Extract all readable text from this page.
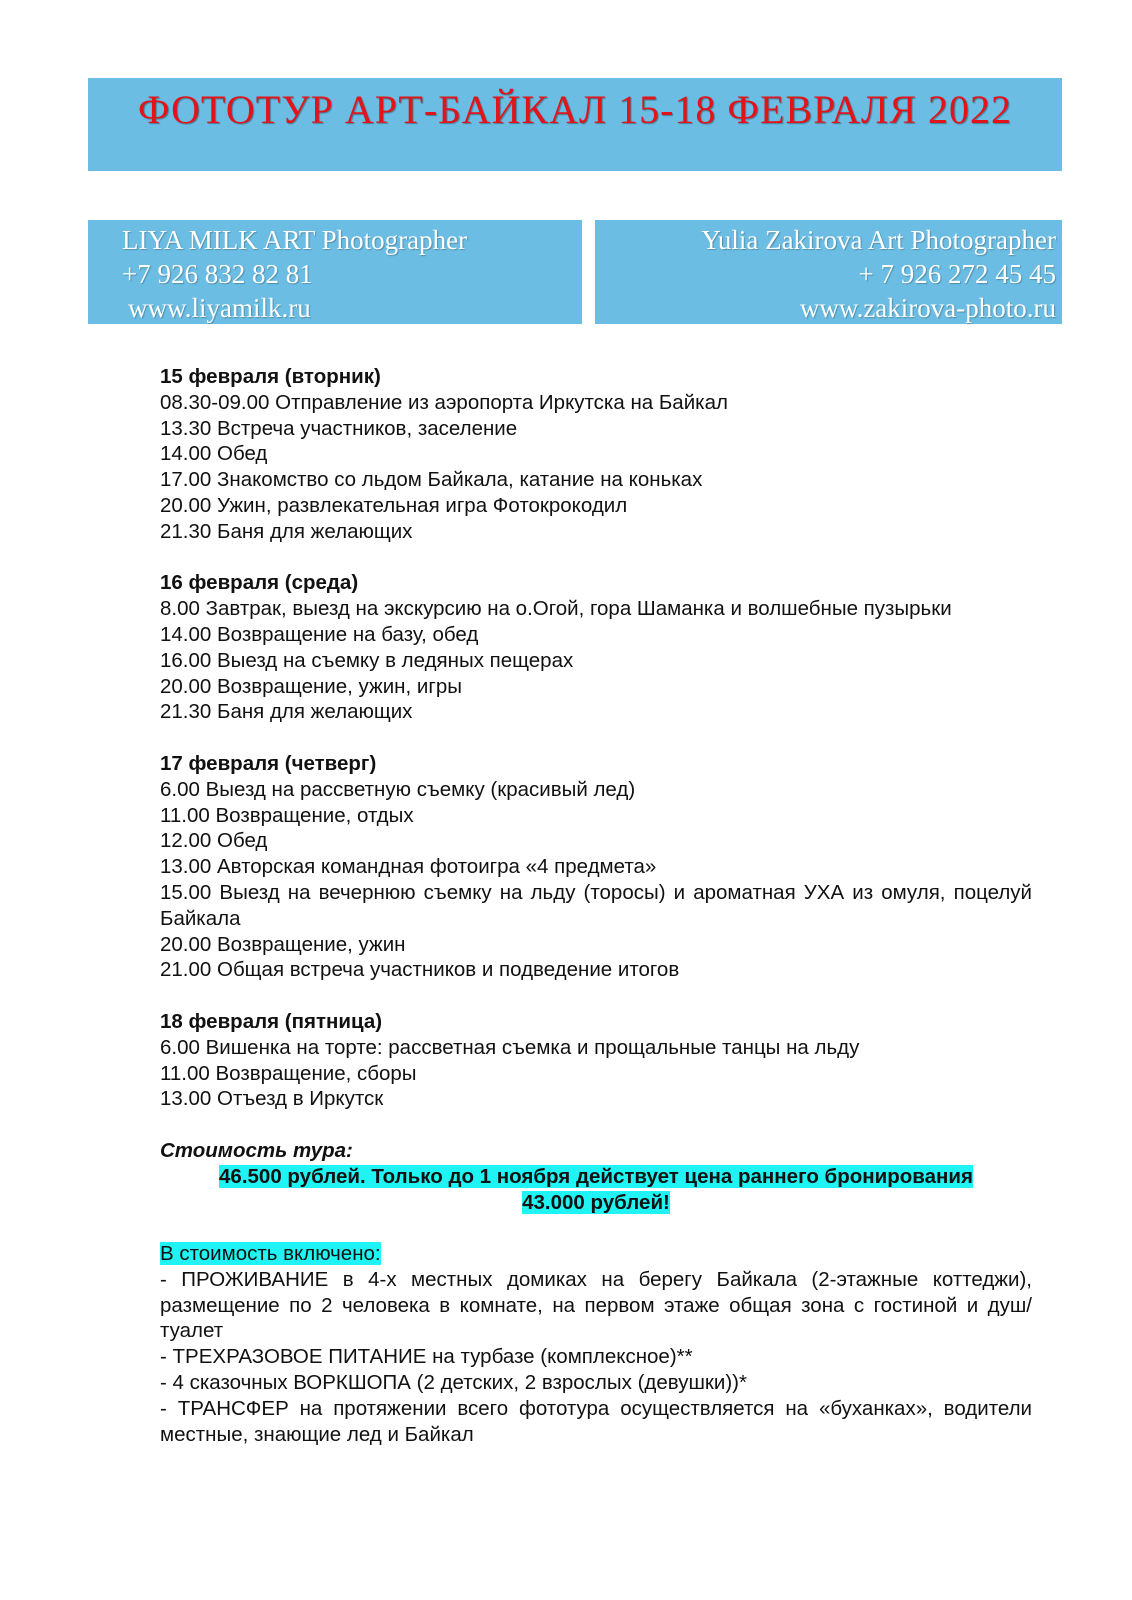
ФОТОТУР АРТ-БАЙКАЛ 15-18 ФЕВРАЛЯ 2022
LIYA MILK ART Photographer
+7 926 832 82 81
www.liyamilk.ru
Yulia Zakirova Art Photographer
+ 7 926 272 45 45
www.zakirova-photo.ru
15 февраля (вторник)
08.30-09.00 Отправление из аэропорта Иркутска на Байкал
13.30 Встреча участников, заселение
14.00 Обед
17.00 Знакомство со льдом Байкала, катание на коньках
20.00 Ужин, развлекательная игра Фотокрокодил
21.30 Баня для желающих
16 февраля (среда)
8.00 Завтрак, выезд на экскурсию на о.Огой, гора Шаманка и волшебные пузырьки
14.00 Возвращение на базу, обед
16.00 Выезд на съемку в ледяных пещерах
20.00 Возвращение, ужин, игры
21.30 Баня для желающих
17 февраля (четверг)
6.00 Выезд на рассветную съемку (красивый лед)
11.00 Возвращение, отдых
12.00 Обед
13.00 Авторская командная фотоигра «4 предмета»
15.00 Выезд на вечернюю съемку на льду (торосы) и ароматная УХА из омуля, поцелуй Байкала
20.00 Возвращение, ужин
21.00 Общая встреча участников и подведение итогов
18 февраля (пятница)
6.00 Вишенка на торте: рассветная съемка и прощальные танцы на льду
11.00 Возвращение, сборы
13.00 Отъезд в Иркутск
Стоимость тура:
46.500 рублей. Только до 1 ноября действует цена раннего бронирования
43.000 рублей!
В стоимость включено:
- ПРОЖИВАНИЕ в 4-х местных домиках на берегу Байкала (2-этажные коттеджи), размещение по 2 человека в комнате, на первом этаже общая зона с гостиной и душ/туалет
- ТРЕХРАЗОВОЕ ПИТАНИЕ на турбазе (комплексное)**
- 4 сказочных ВОРКШОПА (2 детских, 2 взрослых (девушки))*
- ТРАНСФЕР на протяжении всего фототура осуществляется на «буханках», водители местные, знающие лед и Байкал
